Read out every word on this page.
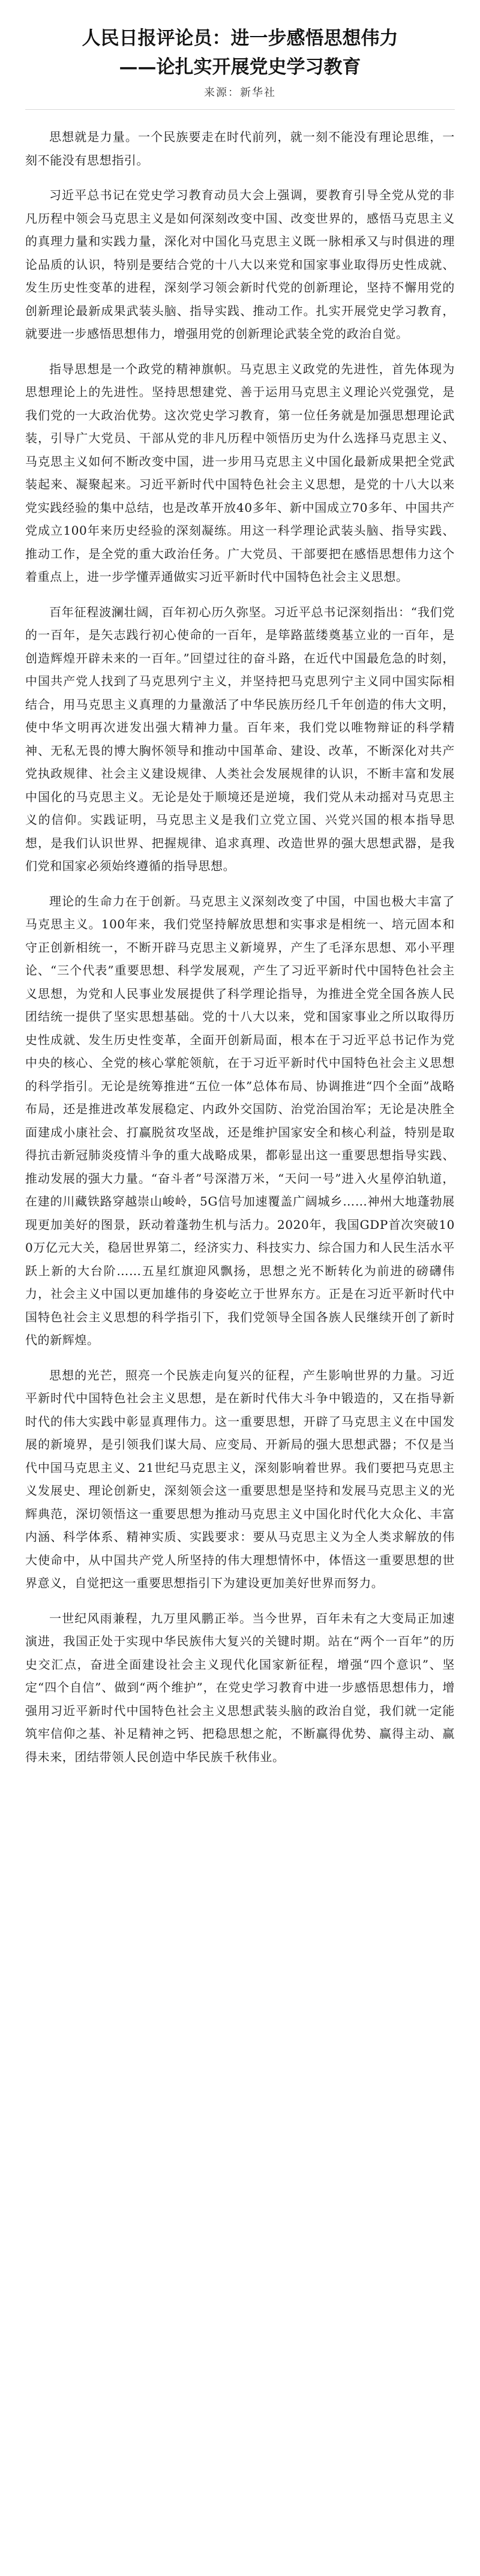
人民日报评论员：进一步感悟思想伟力
——论扎实开展党史学习教育
来源：新华社

思想就是力量。一个民族要走在时代前列，就一刻不能没有理论思维，一刻不能没有思想指引。

习近平总书记在党史学习教育动员大会上强调，要教育引导全党从党的非凡历程中领会马克思主义是如何深刻改变中国、改变世界的，感悟马克思主义的真理力量和实践力量，深化对中国化马克思主义既一脉相承又与时俱进的理论品质的认识，特别是要结合党的十八大以来党和国家事业取得历史性成就、发生历史性变革的进程，深刻学习领会新时代党的创新理论，坚持不懈用党的创新理论最新成果武装头脑、指导实践、推动工作。扎实开展党史学习教育，就要进一步感悟思想伟力，增强用党的创新理论武装全党的政治自觉。

指导思想是一个政党的精神旗帜。马克思主义政党的先进性，首先体现为思想理论上的先进性。坚持思想建党、善于运用马克思主义理论兴党强党，是我们党的一大政治优势。这次党史学习教育，第一位任务就是加强思想理论武装，引导广大党员、干部从党的非凡历程中领悟历史为什么选择马克思主义、马克思主义如何不断改变中国，进一步用马克思主义中国化最新成果把全党武装起来、凝聚起来。习近平新时代中国特色社会主义思想，是党的十八大以来党实践经验的集中总结，也是改革开放40多年、新中国成立70多年、中国共产党成立100年来历史经验的深刻凝练。用这一科学理论武装头脑、指导实践、推动工作，是全党的重大政治任务。广大党员、干部要把在感悟思想伟力这个着重点上，进一步学懂弄通做实习近平新时代中国特色社会主义思想。

百年征程波澜壮阔，百年初心历久弥坚。习近平总书记深刻指出：“我们党的一百年，是矢志践行初心使命的一百年，是筚路蓝缕奠基立业的一百年，是创造辉煌开辟未来的一百年。”回望过往的奋斗路，在近代中国最危急的时刻，中国共产党人找到了马克思列宁主义，并坚持把马克思列宁主义同中国实际相结合，用马克思主义真理的力量激活了中华民族历经几千年创造的伟大文明，使中华文明再次迸发出强大精神力量。百年来，我们党以唯物辩证的科学精神、无私无畏的博大胸怀领导和推动中国革命、建设、改革，不断深化对共产党执政规律、社会主义建设规律、人类社会发展规律的认识，不断丰富和发展中国化的马克思主义。无论是处于顺境还是逆境，我们党从未动摇对马克思主义的信仰。实践证明，马克思主义是我们立党立国、兴党兴国的根本指导思想，是我们认识世界、把握规律、追求真理、改造世界的强大思想武器，是我们党和国家必须始终遵循的指导思想。

理论的生命力在于创新。马克思主义深刻改变了中国，中国也极大丰富了马克思主义。100年来，我们党坚持解放思想和实事求是相统一、培元固本和守正创新相统一，不断开辟马克思主义新境界，产生了毛泽东思想、邓小平理论、“三个代表”重要思想、科学发展观，产生了习近平新时代中国特色社会主义思想，为党和人民事业发展提供了科学理论指导，为推进全党全国各族人民团结统一提供了坚实思想基础。党的十八大以来，党和国家事业之所以取得历史性成就、发生历史性变革，全面开创新局面，根本在于习近平总书记作为党中央的核心、全党的核心掌舵领航，在于习近平新时代中国特色社会主义思想的科学指引。无论是统筹推进“五位一体”总体布局、协调推进“四个全面”战略布局，还是推进改革发展稳定、内政外交国防、治党治国治军；无论是决胜全面建成小康社会、打赢脱贫攻坚战，还是维护国家安全和核心利益，特别是取得抗击新冠肺炎疫情斗争的重大战略成果，都彰显出这一重要思想指导实践、推动发展的强大力量。“奋斗者”号深潜万米，“天问一号”进入火星停泊轨道，在建的川藏铁路穿越崇山峻岭，5G信号加速覆盖广阔城乡……神州大地蓬勃展现更加美好的图景，跃动着蓬勃生机与活力。2020年，我国GDP首次突破100万亿元大关，稳居世界第二，经济实力、科技实力、综合国力和人民生活水平跃上新的大台阶……五星红旗迎风飘扬，思想之光不断转化为前进的磅礴伟力，社会主义中国以更加雄伟的身姿屹立于世界东方。正是在习近平新时代中国特色社会主义思想的科学指引下，我们党领导全国各族人民继续开创了新时代的新辉煌。

思想的光芒，照亮一个民族走向复兴的征程，产生影响世界的力量。习近平新时代中国特色社会主义思想，是在新时代伟大斗争中锻造的，又在指导新时代的伟大实践中彰显真理伟力。这一重要思想，开辟了马克思主义在中国发展的新境界，是引领我们谋大局、应变局、开新局的强大思想武器；不仅是当代中国马克思主义、21世纪马克思主义，深刻影响着世界。我们要把马克思主义发展史、理论创新史，深刻领会这一重要思想是坚持和发展马克思主义的光辉典范，深切领悟这一重要思想为推动马克思主义中国化时代化大众化、丰富内涵、科学体系、精神实质、实践要求：要从马克思主义为全人类求解放的伟大使命中，从中国共产党人所坚持的伟大理想情怀中，体悟这一重要思想的世界意义，自觉把这一重要思想指引下为建设更加美好世界而努力。

一世纪风雨兼程，九万里风鹏正举。当今世界，百年未有之大变局正加速演进，我国正处于实现中华民族伟大复兴的关键时期。站在“两个一百年”的历史交汇点，奋进全面建设社会主义现代化国家新征程，增强“四个意识”、坚定“四个自信”、做到“两个维护”，在党史学习教育中进一步感悟思想伟力，增强用习近平新时代中国特色社会主义思想武装头脑的政治自觉，我们就一定能筑牢信仰之基、补足精神之钙、把稳思想之舵，不断赢得优势、赢得主动、赢得未来，团结带领人民创造中华民族千秋伟业。
